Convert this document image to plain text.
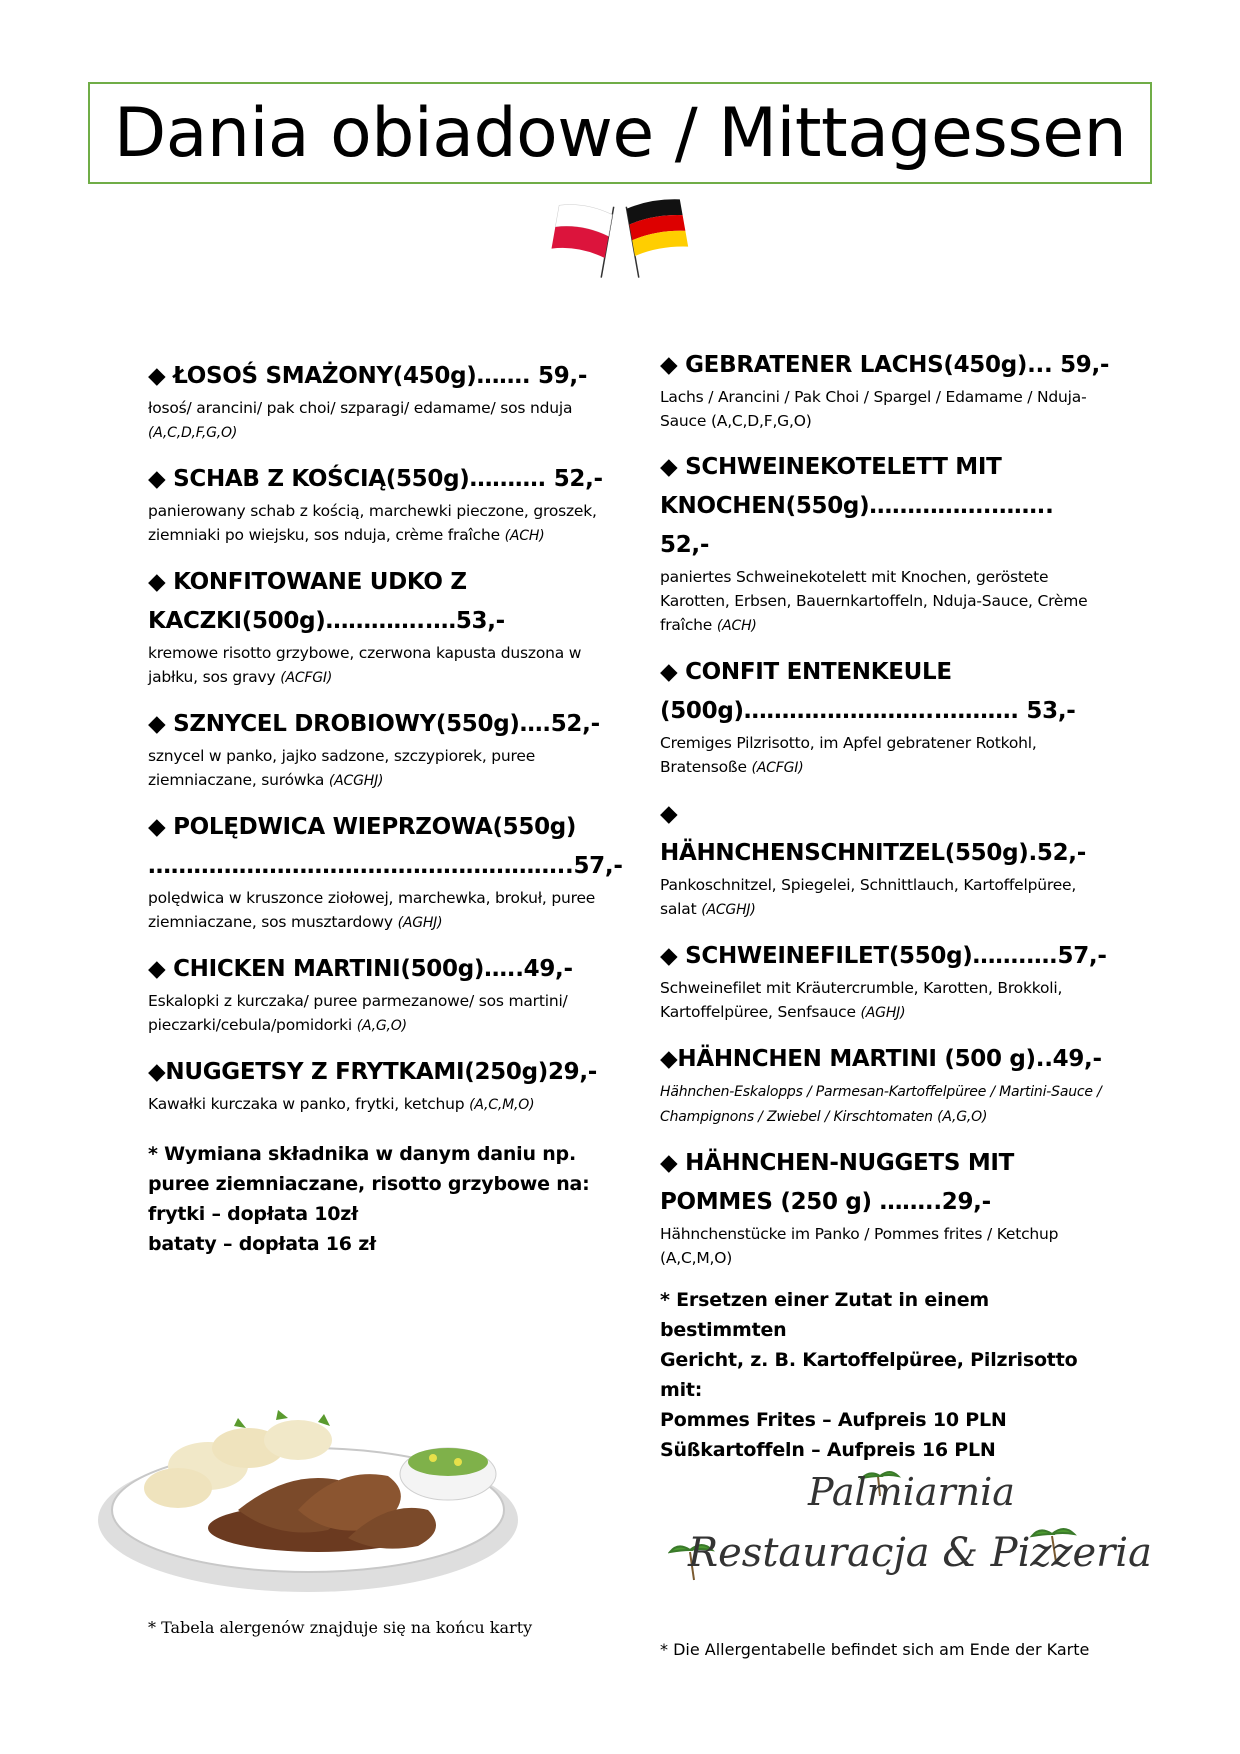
Dania obiadowe / Mittagessen
◆ ŁOSOŚ SMAŻONY(450g)……. 59,-
łosoś/ arancini/ pak choi/ szparagi/ edamame/ sos nduja (A,C,D,F,G,O)
◆ SCHAB Z KOŚCIĄ(550g)………. 52,-
panierowany schab z kością, marchewki pieczone, groszek, ziemniaki po wiejsku, sos nduja, crème fraîche (ACH)
◆ KONFITOWANE UDKO Z KACZKI(500g)…………..…53,-
kremowe risotto grzybowe, czerwona kapusta duszona w jabłku, sos gravy (ACFGI)
◆ SZNYCEL DROBIOWY(550g)….52,-
sznycel w panko, jajko sadzone, szczypiorek, puree ziemniaczane, surówka (ACGHJ)
◆ POLĘDWICA WIEPRZOWA(550g) ………………………………………………..57,-
polędwica w kruszonce ziołowej, marchewka, brokuł, puree ziemniaczane, sos musztardowy (AGHJ)
◆ CHICKEN MARTINI(500g)…..49,-
Eskalopki z kurczaka/ puree parmezanowe/ sos martini/ pieczarki/cebula/pomidorki (A,G,O)
◆NUGGETSY Z FRYTKAMI(250g)29,-
Kawałki kurczaka w panko, frytki, ketchup (A,C,M,O)
* Wymiana składnika w danym daniu np.
puree ziemniaczane, risotto grzybowe na:
frytki – dopłata 10zł
bataty – dopłata 16 zł
◆ GEBRATENER LACHS(450g)... 59,-
Lachs / Arancini / Pak Choi / Spargel / Edamame / Nduja-Sauce (A,C,D,F,G,O)
◆ SCHWEINEKOTELETT MIT KNOCHEN(550g)…………….…….. 52,-
paniertes Schweinekotelett mit Knochen, geröstete Karotten, Erbsen, Bauernkartoffeln, Nduja-Sauce, Crème fraîche (ACH)
◆ CONFIT ENTENKEULE (500g)……………………..………. 53,-
Cremiges Pilzrisotto, im Apfel gebratener Rotkohl, Bratensoße (ACFGI)
◆ HÄHNCHENSCHNITZEL(550g).52,-
Pankoschnitzel, Spiegelei, Schnittlauch, Kartoffelpüree, salat (ACGHJ)
◆ SCHWEINEFILET(550g)…….….57,-
Schweinefilet mit Kräutercrumble, Karotten, Brokkoli, Kartoffelpüree, Senfsauce (AGHJ)
◆HÄHNCHEN MARTINI (500 g)..49,-
Hähnchen-Eskalopps / Parmesan-Kartoffelpüree / Martini-Sauce / Champignons / Zwiebel / Kirschtomaten (A,G,O)
◆ HÄHNCHEN-NUGGETS MIT POMMES (250 g) ……..29,-
Hähnchenstücke im Panko / Pommes frites / Ketchup (A,C,M,O)
* Ersetzen einer Zutat in einem bestimmten
Gericht, z. B. Kartoffelpüree, Pilzrisotto mit:
Pommes Frites – Aufpreis 10 PLN
Süßkartoffeln – Aufpreis 16 PLN
* Tabela alergenów znajduje się na końcu karty
Palmiarnia
Restauracja & Pizzeria
* Die Allergentabelle befindet sich am Ende der Karte
